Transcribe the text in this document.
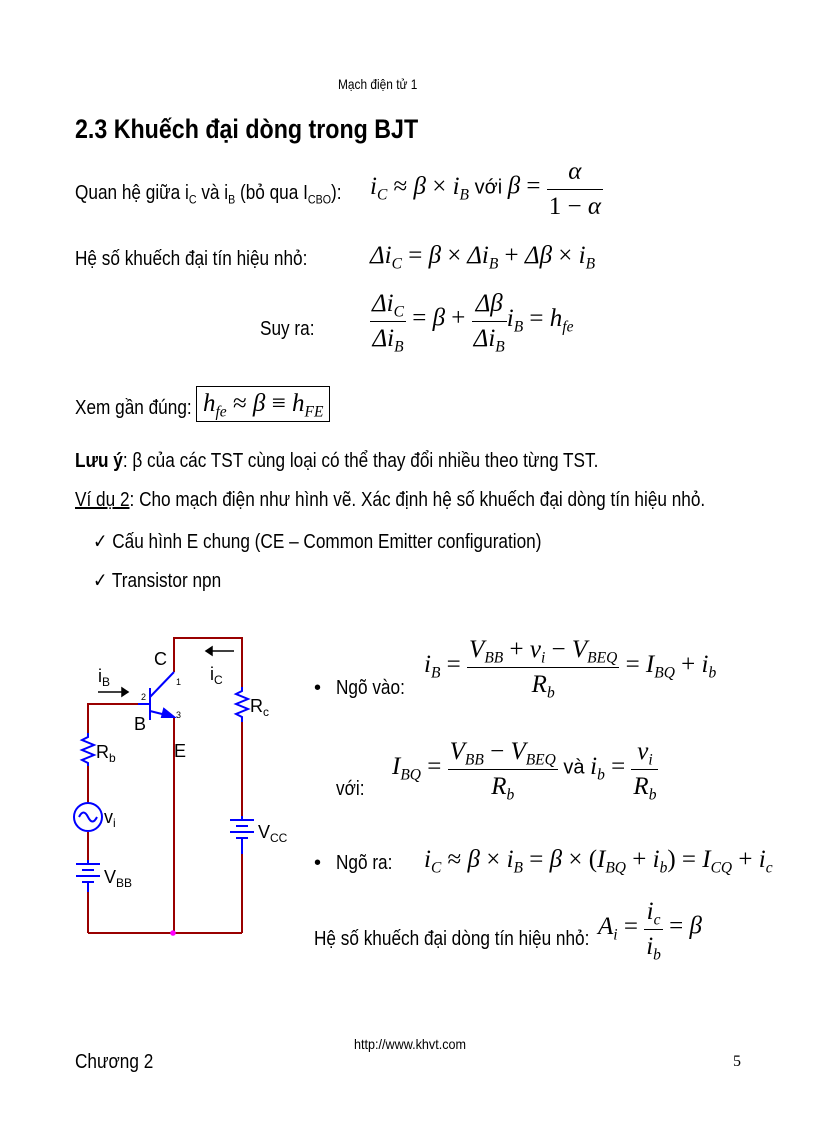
Mạch điện tử 1
2.3 Khuếch đại dòng trong BJT
Quan hệ giữa $i_C$ và $i_B$ (bỏ qua $I_{CBO}$): $i_C \approx \beta \times i_B$ với $\beta = \frac{\alpha}{1 - \alpha}$
Hệ số khuếch đại tín hiệu nhỏ:	$\Delta i_C = \beta \times \Delta i_B + \Delta\beta \times i_B$
Suy ra: $\frac{\Delta i_C}{\Delta i_B} = \beta + \frac{\Delta\beta}{\Delta i_B} i_B = h_{fe}$
Xem gần đúng: $h_{fe} \approx \beta \equiv h_{FE}$
Lưu ý: β của các TST cùng loại có thể thay đổi nhiều theo từng TST.
Ví dụ 2: Cho mạch điện như hình vẽ. Xác định hệ số khuếch đại dòng tín hiệu nhỏ.
✓ Cấu hình E chung (CE – Common Emitter configuration)
✓ Transistor npn
$i_B$
C
1
2
3
B
E
$i_C$
$R_c$
$R_b$
$v_i$	$V_{CC}$
$V_{BB}$
• Ngõ vào:
$i_B = \frac{V_{BB} + v_i - V_{BEQ}}{R_b} = I_{BQ} + i_b$
với:
$I_{BQ} = \frac{V_{BB} - V_{BEQ}}{R_b}$ và $i_b = \frac{v_i}{R_b}$
• Ngõ ra: $i_C \approx \beta \times i_B = \beta \times (I_{BQ} + i_b) = I_{CQ} + i_c$
Hệ số khuếch đại dòng tín hiệu nhỏ: $A_i = \frac{i_c}{i_b} = \beta$
http://www.khvt.com
Chương 2	5
